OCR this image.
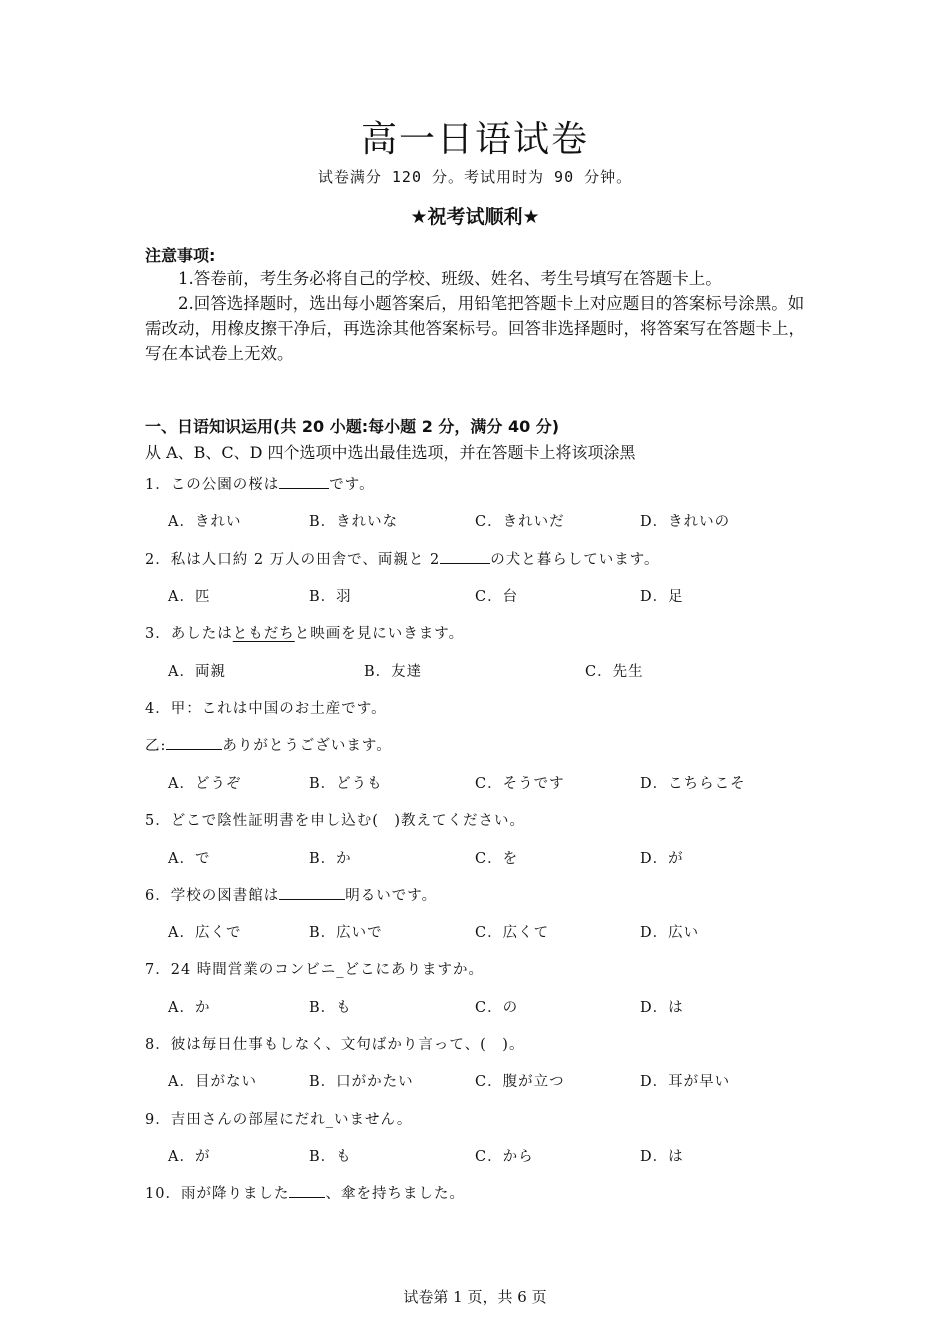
高一日语试卷
试卷满分 120 分。考试用时为 90 分钟。
★祝考试顺利★
注意事项:

1.答卷前，考生务必将自己的学校、班级、姓名、考生号填写在答题卡上。

2.回答选择题时，选出每小题答案后，用铅笔把答题卡上对应题目的答案标号涂黑。如需改动，用橡皮擦干净后，再选涂其他答案标号。回答非选择题时，将答案写在答题卡上，写在本试卷上无效。

一、日语知识运用(共 20 小题:每小题 2 分，满分 40 分)
从 A、B、C、D 四个选项中选出最佳选项，并在答题卡上将该项涂黑
1．この公園の桜は	です。
A．きれい	B．きれいな	C．きれいだ	D．きれいの
2．私は人口約 2 万人の田舎で、両親と 2	の犬と暮らしています。
A．匹	B．羽	C．台	D．足
3．あしたはともだちと映画を見にいきます。
A．両親	B．友達	C．先生
4．甲：これは中国のお土産です。
乙:	ありがとうございます。
A．どうぞ	B．どうも	C．そうです	D．こちらこそ
5．どこで陰性証明書を申し込む(　)教えてください。
A．で	B．か	C．を	D．が
6．学校の図書館は	明るいです。
A．広くで	B．広いで	C．広くて	D．広い
7．24 時間営業のコンビニ_どこにありますか。
A．か	B．も	C．の	D．は
8．彼は毎日仕事もしなく、文句ばかり言って、(　)。
A．目がない	B．口がかたい	C．腹が立つ	D．耳が早い
9．吉田さんの部屋にだれ_いません。
A．が	B．も	C．から	D．は
10．雨が降りました 、傘を持ちました。
试卷第 1 页，共 6 页
